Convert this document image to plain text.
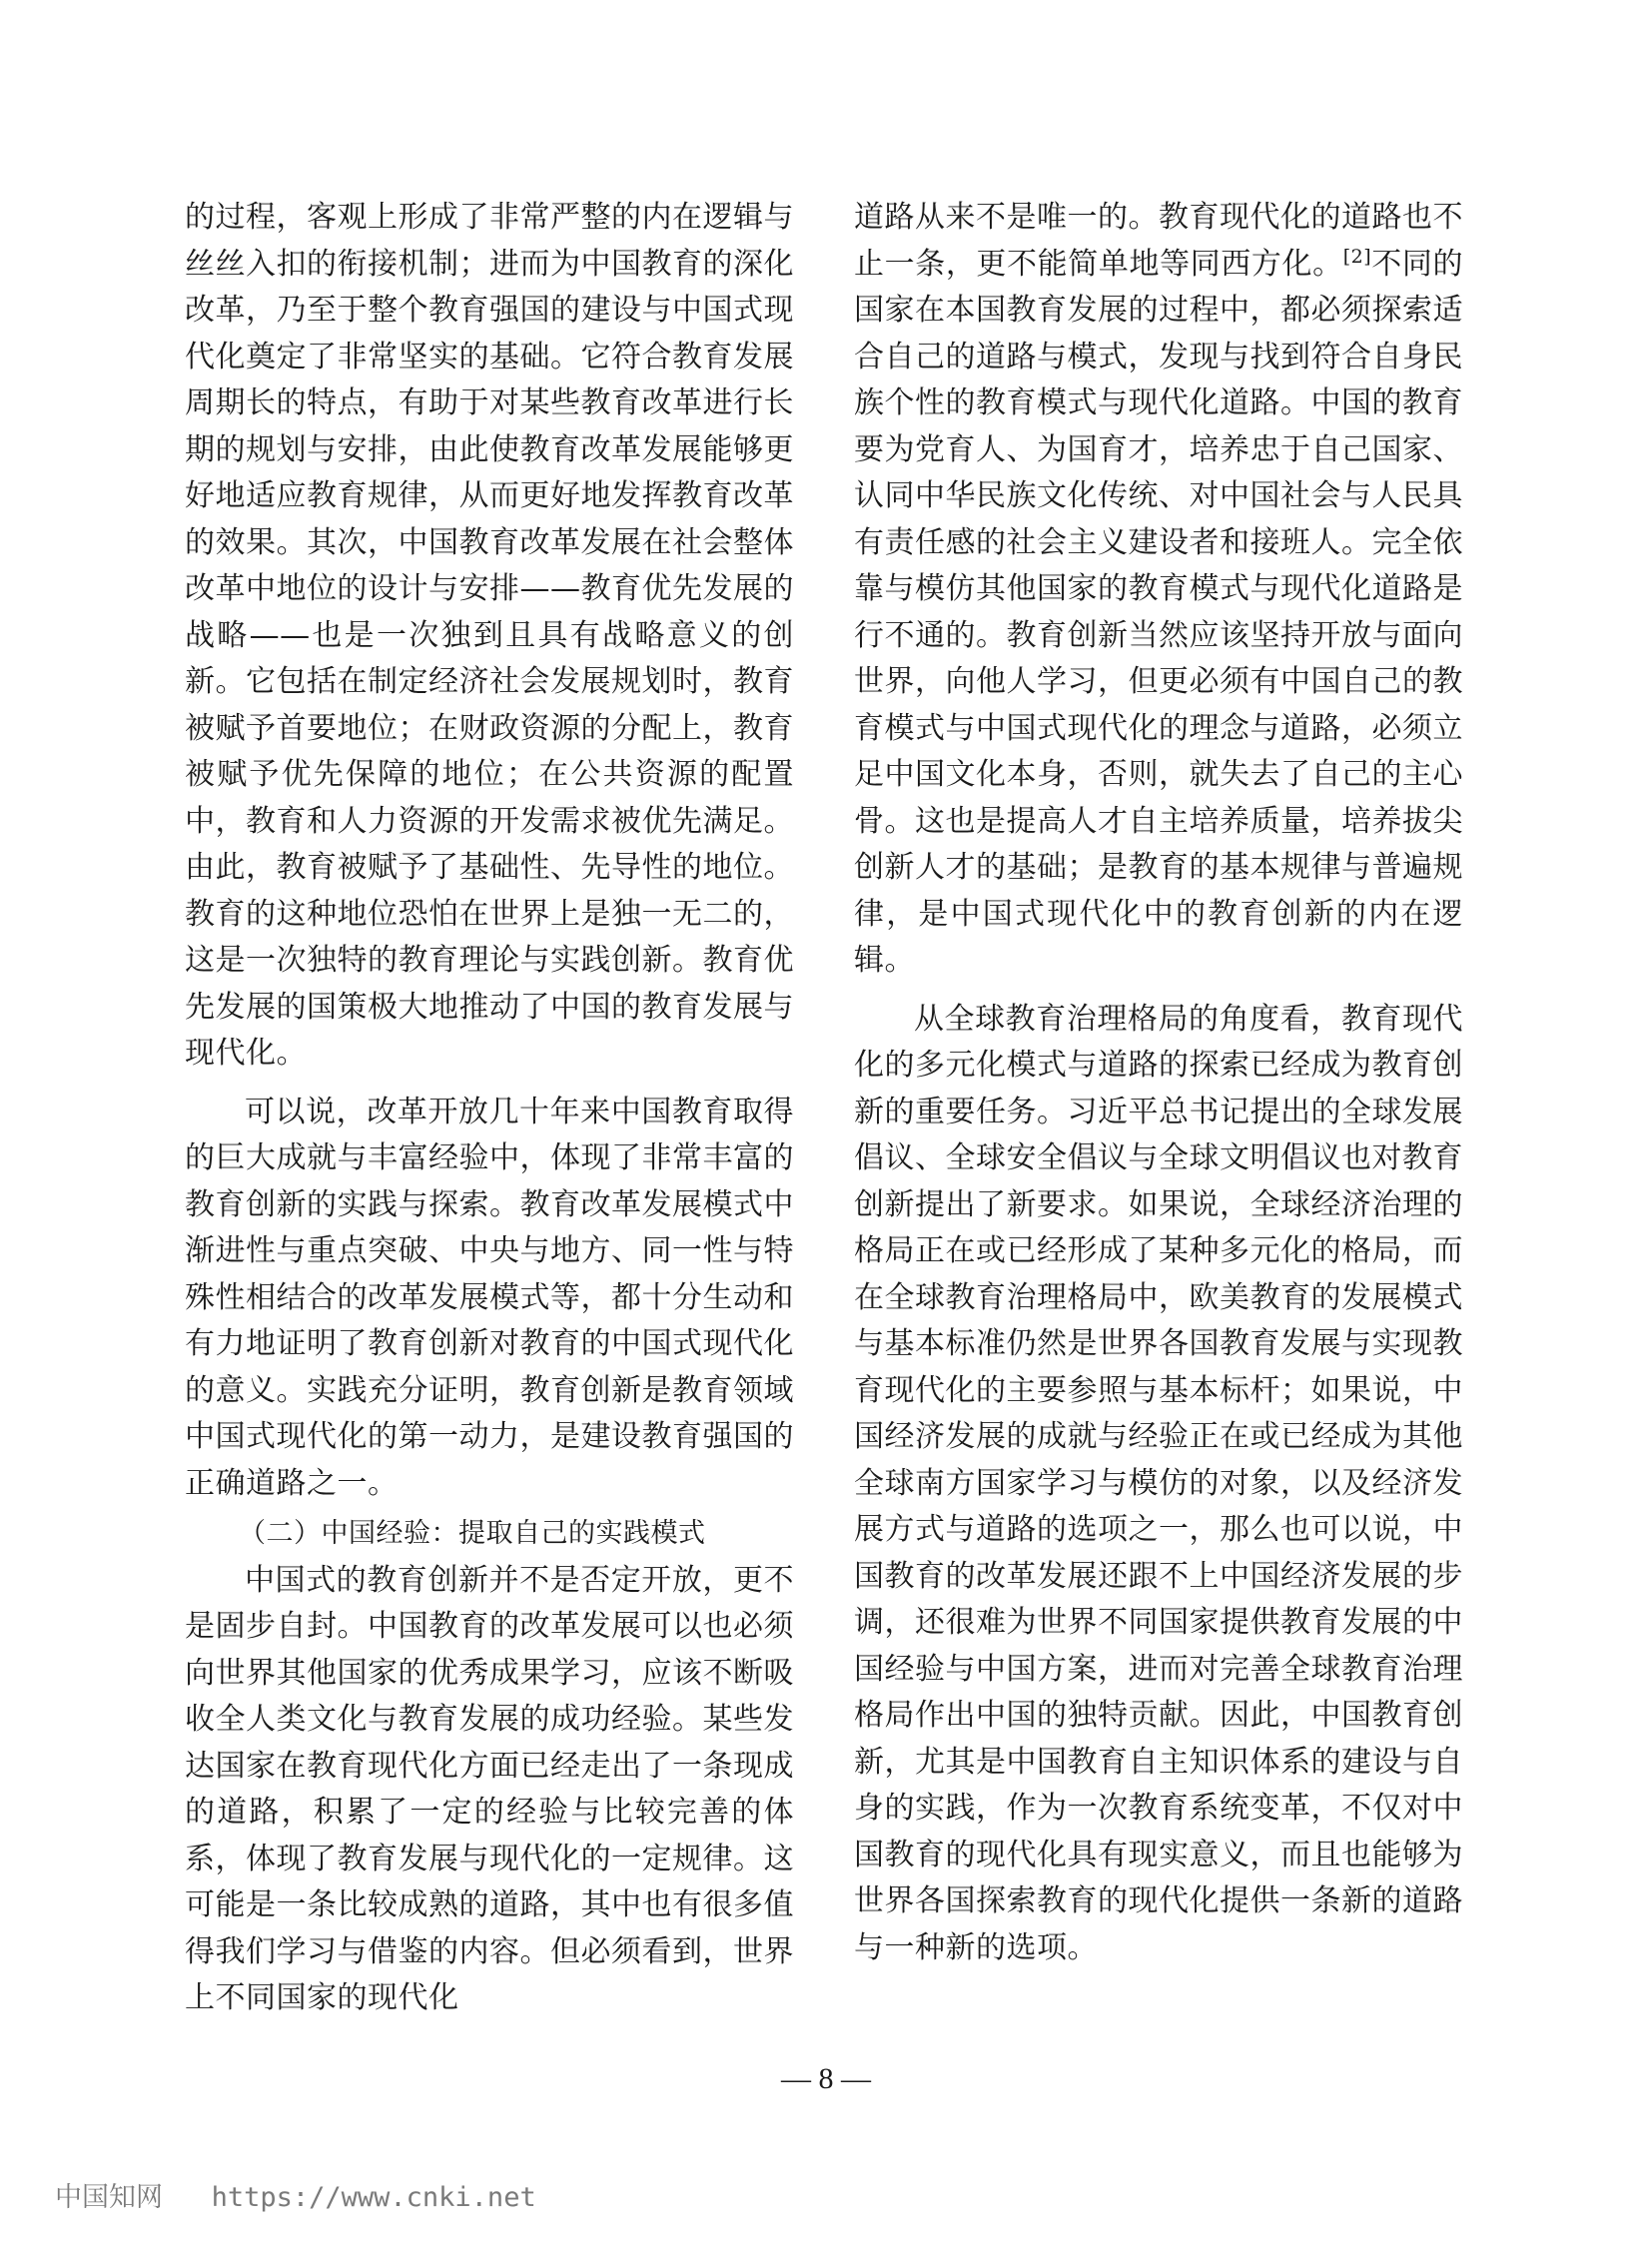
的过程，客观上形成了非常严整的内在逻辑与丝丝入扣的衔接机制；进而为中国教育的深化改革，乃至于整个教育强国的建设与中国式现代化奠定了非常坚实的基础。它符合教育发展周期长的特点，有助于对某些教育改革进行长期的规划与安排，由此使教育改革发展能够更好地适应教育规律，从而更好地发挥教育改革的效果。其次，中国教育改革发展在社会整体改革中地位的设计与安排——教育优先发展的战略——也是一次独到且具有战略意义的创新。它包括在制定经济社会发展规划时，教育被赋予首要地位；在财政资源的分配上，教育被赋予优先保障的地位；在公共资源的配置中，教育和人力资源的开发需求被优先满足。由此，教育被赋予了基础性、先导性的地位。教育的这种地位恐怕在世界上是独一无二的，这是一次独特的教育理论与实践创新。教育优先发展的国策极大地推动了中国的教育发展与现代化。

可以说，改革开放几十年来中国教育取得的巨大成就与丰富经验中，体现了非常丰富的教育创新的实践与探索。教育改革发展模式中渐进性与重点突破、中央与地方、同一性与特殊性相结合的改革发展模式等，都十分生动和有力地证明了教育创新对教育的中国式现代化的意义。实践充分证明，教育创新是教育领域中国式现代化的第一动力，是建设教育强国的正确道路之一。

（二）中国经验：提取自己的实践模式

中国式的教育创新并不是否定开放，更不是固步自封。中国教育的改革发展可以也必须向世界其他国家的优秀成果学习，应该不断吸收全人类文化与教育发展的成功经验。某些发达国家在教育现代化方面已经走出了一条现成的道路，积累了一定的经验与比较完善的体系，体现了教育发展与现代化的一定规律。这可能是一条比较成熟的道路，其中也有很多值得我们学习与借鉴的内容。但必须看到，世界上不同国家的现代化

道路从来不是唯一的。教育现代化的道路也不止一条，更不能简单地等同西方化。[2]不同的国家在本国教育发展的过程中，都必须探索适合自己的道路与模式，发现与找到符合自身民族个性的教育模式与现代化道路。中国的教育要为党育人、为国育才，培养忠于自己国家、认同中华民族文化传统、对中国社会与人民具有责任感的社会主义建设者和接班人。完全依靠与模仿其他国家的教育模式与现代化道路是行不通的。教育创新当然应该坚持开放与面向世界，向他人学习，但更必须有中国自己的教育模式与中国式现代化的理念与道路，必须立足中国文化本身，否则，就失去了自己的主心骨。这也是提高人才自主培养质量，培养拔尖创新人才的基础；是教育的基本规律与普遍规律，是中国式现代化中的教育创新的内在逻辑。

从全球教育治理格局的角度看，教育现代化的多元化模式与道路的探索已经成为教育创新的重要任务。习近平总书记提出的全球发展倡议、全球安全倡议与全球文明倡议也对教育创新提出了新要求。如果说，全球经济治理的格局正在或已经形成了某种多元化的格局，而在全球教育治理格局中，欧美教育的发展模式与基本标准仍然是世界各国教育发展与实现教育现代化的主要参照与基本标杆；如果说，中国经济发展的成就与经验正在或已经成为其他全球南方国家学习与模仿的对象，以及经济发展方式与道路的选项之一，那么也可以说，中国教育的改革发展还跟不上中国经济发展的步调，还很难为世界不同国家提供教育发展的中国经验与中国方案，进而对完善全球教育治理格局作出中国的独特贡献。因此，中国教育创新，尤其是中国教育自主知识体系的建设与自身的实践，作为一次教育系统变革，不仅对中国教育的现代化具有现实意义，而且也能够为世界各国探索教育的现代化提供一条新的道路与一种新的选项。

— 8 —
中国知网 https://www.cnki.net
